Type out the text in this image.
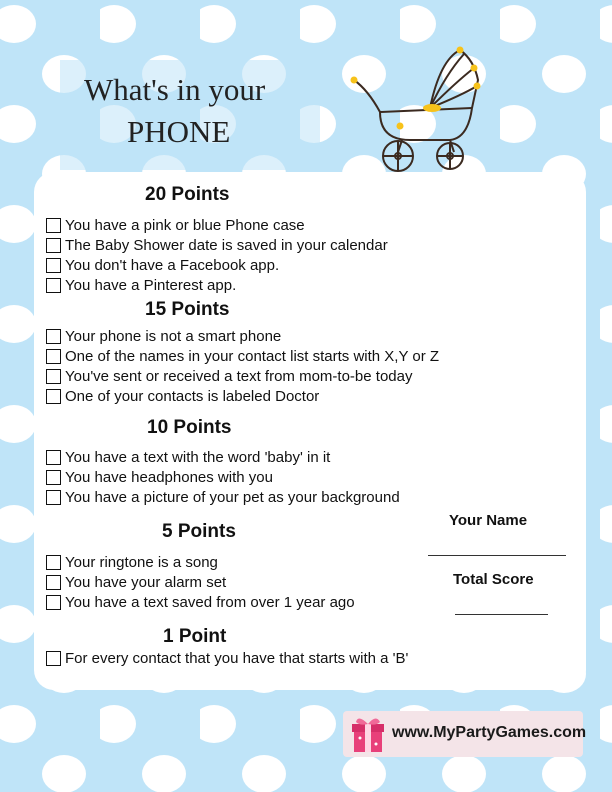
What's in your
PHONE
20 Points
You have a pink or blue Phone case
The Baby Shower date is saved in your calendar
You don't have a Facebook app.
You have a Pinterest app.
15 Points
Your phone is not a smart phone
One of the names in your contact list starts with X,Y or Z
You've sent or received a text from mom-to-be today
One of your contacts is labeled Doctor
10 Points
You have a text with the word 'baby' in it
You have headphones with you
You have a picture of your pet as your background
5 Points
Your ringtone is a song
You have your alarm set
You have a text saved from over 1 year ago
1 Point
For every contact that you have that starts with a 'B'
Your Name
Total Score
www.MyPartyGames.com
